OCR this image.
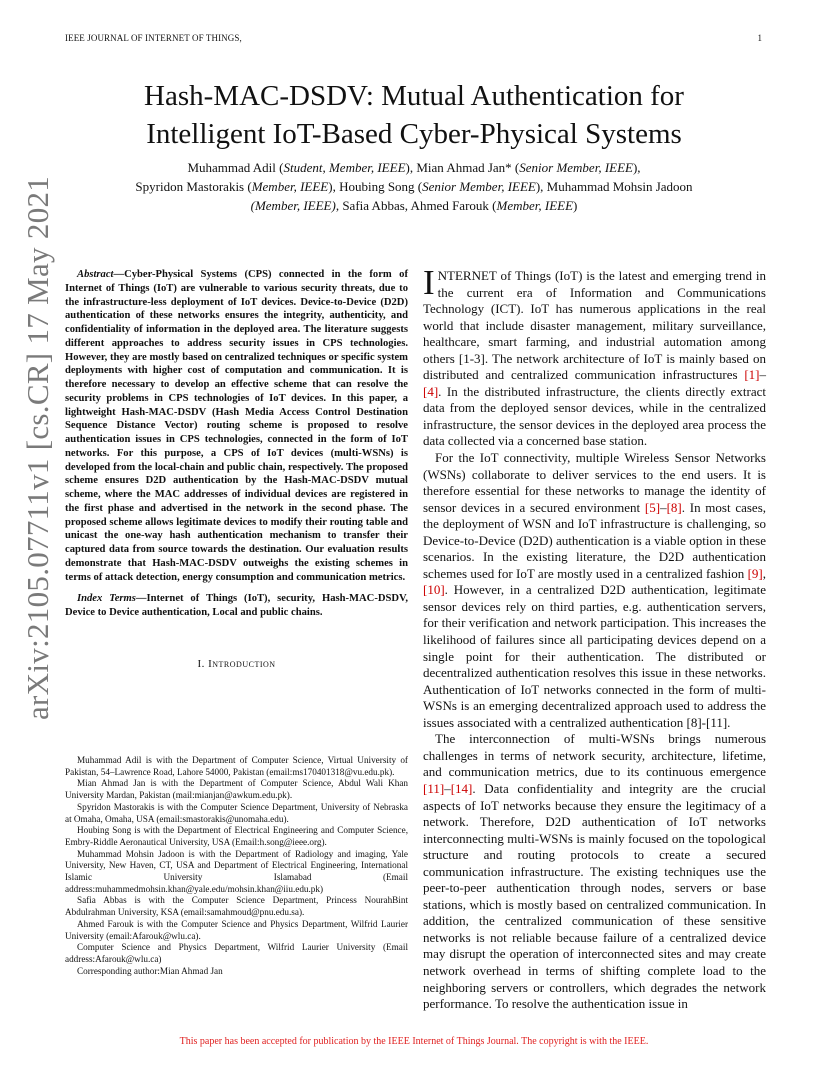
IEEE JOURNAL OF INTERNET OF THINGS,	1
arXiv:2105.07711v1 [cs.CR] 17 May 2021
Hash-MAC-DSDV: Mutual Authentication for
Intelligent IoT-Based Cyber-Physical Systems
Muhammad Adil (Student, Member, IEEE), Mian Ahmad Jan* (Senior Member, IEEE),
Spyridon Mastorakis (Member, IEEE), Houbing Song (Senior Member, IEEE), Muhammad Mohsin Jadoon
(Member, IEEE), Safia Abbas, Ahmed Farouk (Member, IEEE)

Abstract—Cyber-Physical Systems (CPS) connected in the form of Internet of Things (IoT) are vulnerable to various security threats, due to the infrastructure-less deployment of IoT devices. Device-to-Device (D2D) authentication of these networks ensures the integrity, authenticity, and confidentiality of information in the deployed area. The literature suggests different approaches to address security issues in CPS technologies. However, they are mostly based on centralized techniques or specific system deployments with higher cost of computation and communication. It is therefore necessary to develop an effective scheme that can resolve the security problems in CPS technologies of IoT devices. In this paper, a lightweight Hash-MAC-DSDV (Hash Media Access Control Destination Sequence Distance Vector) routing scheme is proposed to resolve authentication issues in CPS technologies, connected in the form of IoT networks. For this purpose, a CPS of IoT devices (multi-WSNs) is developed from the local-chain and public chain, respectively. The proposed scheme ensures D2D authentication by the Hash-MAC-DSDV mutual scheme, where the MAC addresses of individual devices are registered in the first phase and advertised in the network in the second phase. The proposed scheme allows legitimate devices to modify their routing table and unicast the one-way hash authentication mechanism to transfer their captured data from source towards the destination. Our evaluation results demonstrate that Hash-MAC-DSDV outweighs the existing schemes in terms of attack detection, energy consumption and communication metrics.

Index Terms—Internet of Things (IoT), security, Hash-MAC-DSDV, Device to Device authentication, Local and public chains.

I. Introduction

Muhammad Adil is with the Department of Computer Science, Virtual University of Pakistan, 54–Lawrence Road, Lahore 54000, Pakistan (email:ms170401318@vu.edu.pk).

Mian Ahmad Jan is with the Department of Computer Science, Abdul Wali Khan University Mardan, Pakistan (mail:mianjan@awkum.edu.pk).

Spyridon Mastorakis is with the Computer Science Department, University of Nebraska at Omaha, Omaha, USA (email:smastorakis@unomaha.edu).

Houbing Song is with the Department of Electrical Engineering and Computer Science, Embry-Riddle Aeronautical University, USA (Email:h.song@ieee.org).

Muhammad Mohsin Jadoon is with the Department of Radiology and imaging, Yale University, New Haven, CT, USA and Department of Electrical Engineering, International Islamic University Islamabad (Email address:muhammedmohsin.khan@yale.edu/mohsin.khan@iiu.edu.pk)

Safia Abbas is with the Computer Science Department, Princess NourahBint Abdulrahman University, KSA (email:samahmoud@pnu.edu.sa).

Ahmed Farouk is with the Computer Science and Physics Department, Wilfrid Laurier University (email:Afarouk@wlu.ca).

Computer Science and Physics Department, Wilfrid Laurier University (Email address:Afarouk@wlu.ca)

Corresponding author:Mian Ahmad Jan

INTERNET of Things (IoT) is the latest and emerging trend in the current era of Information and Communications Technology (ICT). IoT has numerous applications in the real world that include disaster management, military surveillance, healthcare, smart farming, and industrial automation among others [1-3]. The network architecture of IoT is mainly based on distributed and centralized communication infrastructures [1]–[4]. In the distributed infrastructure, the clients directly extract data from the deployed sensor devices, while in the centralized infrastructure, the sensor devices in the deployed area process the data collected via a concerned base station.

For the IoT connectivity, multiple Wireless Sensor Networks (WSNs) collaborate to deliver services to the end users. It is therefore essential for these networks to manage the identity of sensor devices in a secured environment [5]–[8]. In most cases, the deployment of WSN and IoT infrastructure is challenging, so Device-to-Device (D2D) authentication is a viable option in these scenarios. In the existing literature, the D2D authentication schemes used for IoT are mostly used in a centralized fashion [9], [10]. However, in a centralized D2D authentication, legitimate sensor devices rely on third parties, e.g. authentication servers, for their verification and network participation. This increases the likelihood of failures since all participating devices depend on a single point for their authentication. The distributed or decentralized authentication resolves this issue in these networks. Authentication of IoT networks connected in the form of multi-WSNs is an emerging decentralized approach used to address the issues associated with a centralized authentication [8]-[11].

The interconnection of multi-WSNs brings numerous challenges in terms of network security, architecture, lifetime, and communication metrics, due to its continuous emergence [11]–[14]. Data confidentiality and integrity are the crucial aspects of IoT networks because they ensure the legitimacy of a network. Therefore, D2D authentication of IoT networks interconnecting multi-WSNs is mainly focused on the topological structure and routing protocols to create a secured communication infrastructure. The existing techniques use the peer-to-peer authentication through nodes, servers or base stations, which is mostly based on centralized communication. In addition, the centralized communication of these sensitive networks is not reliable because failure of a centralized device may disrupt the operation of interconnected sites and may create network overhead in terms of shifting complete load to the neighboring servers or controllers, which degrades the network performance. To resolve the authentication issue in

This paper has been accepted for publication by the IEEE Internet of Things Journal. The copyright is with the IEEE.
